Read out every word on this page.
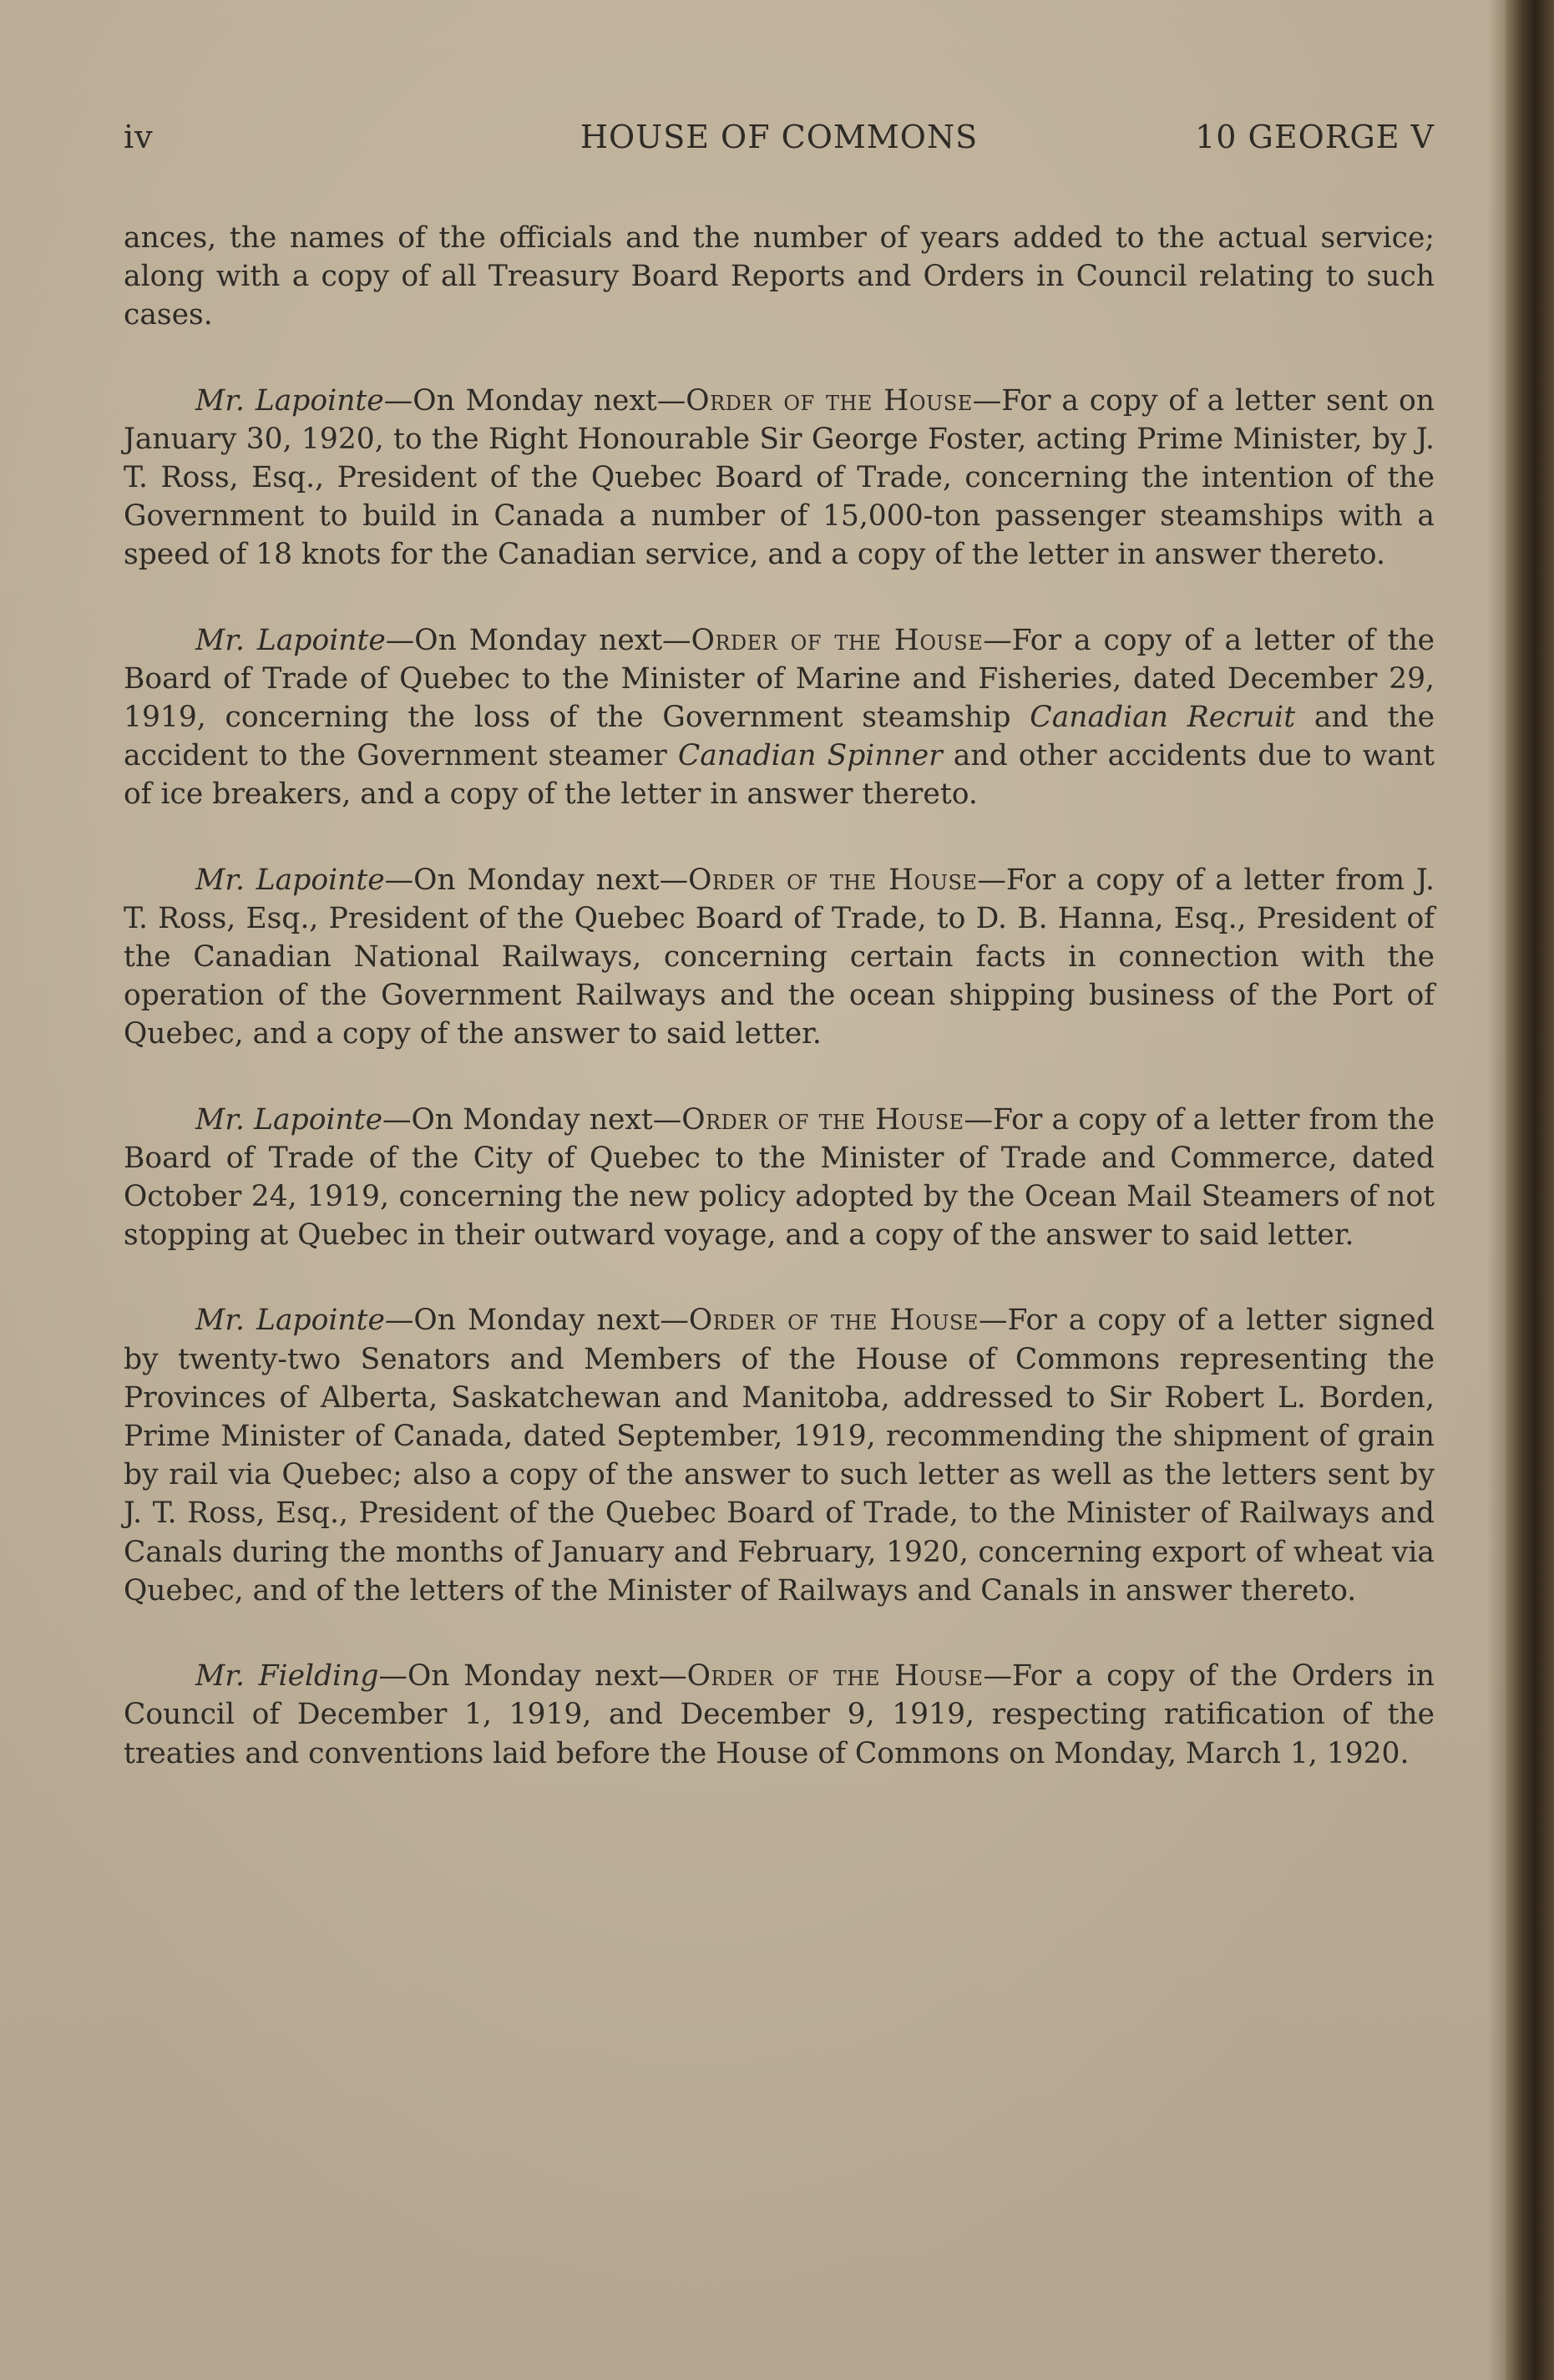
iv	HOUSE OF COMMONS	10 GEORGE V

ances, the names of the officials and the number of years added to the actual service; along with a copy of all Treasury Board Reports and Orders in Council relating to such cases.

Mr. Lapointe—On Monday next—Order of the House—For a copy of a letter sent on January 30, 1920, to the Right Honourable Sir George Foster, acting Prime Minister, by J. T. Ross, Esq., President of the Quebec Board of Trade, concerning the intention of the Government to build in Canada a number of 15,000-ton passenger steamships with a speed of 18 knots for the Canadian service, and a copy of the letter in answer thereto.

Mr. Lapointe—On Monday next—Order of the House—For a copy of a letter of the Board of Trade of Quebec to the Minister of Marine and Fisheries, dated December 29, 1919, concerning the loss of the Government steamship Canadian Recruit and the accident to the Government steamer Canadian Spinner and other accidents due to want of ice breakers, and a copy of the letter in answer thereto.

Mr. Lapointe—On Monday next—Order of the House—For a copy of a letter from J. T. Ross, Esq., President of the Quebec Board of Trade, to D. B. Hanna, Esq., President of the Canadian National Railways, concerning certain facts in connection with the operation of the Government Railways and the ocean shipping business of the Port of Quebec, and a copy of the answer to said letter.

Mr. Lapointe—On Monday next—Order of the House—For a copy of a letter from the Board of Trade of the City of Quebec to the Minister of Trade and Commerce, dated October 24, 1919, concerning the new policy adopted by the Ocean Mail Steamers of not stopping at Quebec in their outward voyage, and a copy of the answer to said letter.

Mr. Lapointe—On Monday next—Order of the House—For a copy of a letter signed by twenty-two Senators and Members of the House of Commons representing the Provinces of Alberta, Saskatchewan and Manitoba, addressed to Sir Robert L. Borden, Prime Minister of Canada, dated September, 1919, recommending the shipment of grain by rail via Quebec; also a copy of the answer to such letter as well as the letters sent by J. T. Ross, Esq., President of the Quebec Board of Trade, to the Minister of Railways and Canals during the months of January and February, 1920, concerning export of wheat via Quebec, and of the letters of the Minister of Railways and Canals in answer thereto.

Mr. Fielding—On Monday next—Order of the House—For a copy of the Orders in Council of December 1, 1919, and December 9, 1919, respecting ratification of the treaties and conventions laid before the House of Commons on Monday, March 1, 1920.
